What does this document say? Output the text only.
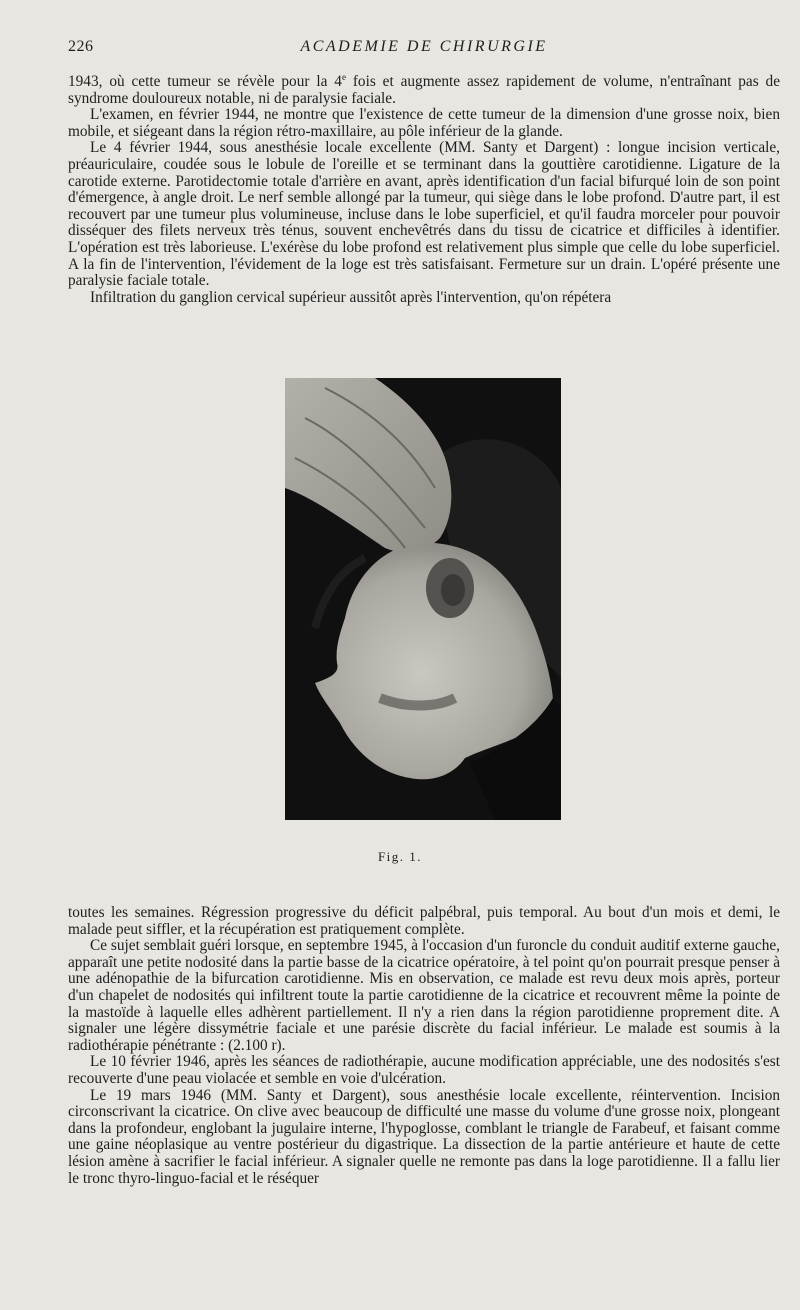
226	ACADEMIE DE CHIRURGIE

1943, où cette tumeur se révèle pour la 4e fois et augmente assez rapidement de volume, n'entraînant pas de syndrome douloureux notable, ni de paralysie faciale.

L'examen, en février 1944, ne montre que l'existence de cette tumeur de la dimension d'une grosse noix, bien mobile, et siégeant dans la région rétro-maxillaire, au pôle inférieur de la glande.

Le 4 février 1944, sous anesthésie locale excellente (MM. Santy et Dargent) : longue incision verticale, préauriculaire, coudée sous le lobule de l'oreille et se terminant dans la gouttière carotidienne. Ligature de la carotide externe. Parotidectomie totale d'arrière en avant, après identification d'un facial bifurqué loin de son point d'émergence, à angle droit. Le nerf semble allongé par la tumeur, qui siège dans le lobe profond. D'autre part, il est recouvert par une tumeur plus volumineuse, incluse dans le lobe superficiel, et qu'il faudra morceler pour pouvoir disséquer des filets nerveux très ténus, souvent enchevêtrés dans du tissu de cicatrice et difficiles à identifier. L'opération est très laborieuse. L'exérèse du lobe profond est relativement plus simple que celle du lobe superficiel. A la fin de l'intervention, l'évidement de la loge est très satisfaisant. Fermeture sur un drain. L'opéré présente une paralysie faciale totale.

Infiltration du ganglion cervical supérieur aussitôt après l'intervention, qu'on répétera

Fig. 1.

toutes les semaines. Régression progressive du déficit palpébral, puis temporal. Au bout d'un mois et demi, le malade peut siffler, et la récupération est pratiquement complète.

Ce sujet semblait guéri lorsque, en septembre 1945, à l'occasion d'un furoncle du conduit auditif externe gauche, apparaît une petite nodosité dans la partie basse de la cicatrice opératoire, à tel point qu'on pourrait presque penser à une adénopathie de la bifurcation carotidienne. Mis en observation, ce malade est revu deux mois après, porteur d'un chapelet de nodosités qui infiltrent toute la partie carotidienne de la cicatrice et recouvrent même la pointe de la mastoïde à laquelle elles adhèrent partiellement. Il n'y a rien dans la région parotidienne proprement dite. A signaler une légère dissymétrie faciale et une parésie discrète du facial inférieur. Le malade est soumis à la radiothérapie pénétrante : (2.100 r).

Le 10 février 1946, après les séances de radiothérapie, aucune modification appréciable, une des nodosités s'est recouverte d'une peau violacée et semble en voie d'ulcération.

Le 19 mars 1946 (MM. Santy et Dargent), sous anesthésie locale excellente, réintervention. Incision circonscrivant la cicatrice. On clive avec beaucoup de difficulté une masse du volume d'une grosse noix, plongeant dans la profondeur, englobant la jugulaire interne, l'hypoglosse, comblant le triangle de Farabeuf, et faisant comme une gaine néoplasique au ventre postérieur du digastrique. La dissection de la partie antérieure et haute de cette lésion amène à sacrifier le facial inférieur. A signaler quelle ne remonte pas dans la loge parotidienne. Il a fallu lier le tronc thyro-linguo-facial et le réséquer
